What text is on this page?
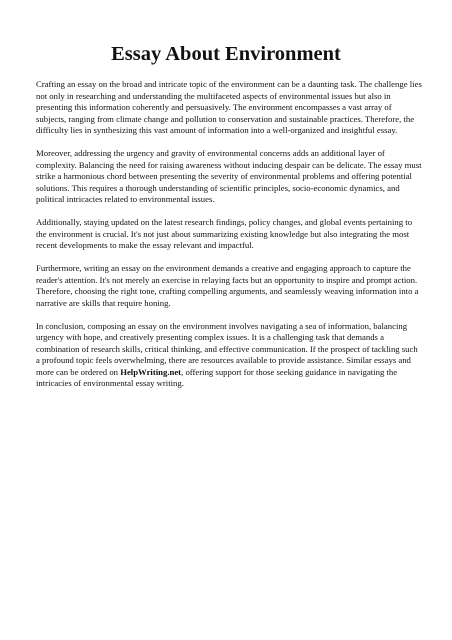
Essay About Environment

Crafting an essay on the broad and intricate topic of the environment can be a daunting task. The challenge lies not only in researching and understanding the multifaceted aspects of environmental issues but also in presenting this information coherently and persuasively. The environment encompasses a vast array of subjects, ranging from climate change and pollution to conservation and sustainable practices. Therefore, the difficulty lies in synthesizing this vast amount of information into a well-organized and insightful essay.

Moreover, addressing the urgency and gravity of environmental concerns adds an additional layer of complexity. Balancing the need for raising awareness without inducing despair can be delicate. The essay must strike a harmonious chord between presenting the severity of environmental problems and offering potential solutions. This requires a thorough understanding of scientific principles, socio-economic dynamics, and political intricacies related to environmental issues.

Additionally, staying updated on the latest research findings, policy changes, and global events pertaining to the environment is crucial. It's not just about summarizing existing knowledge but also integrating the most recent developments to make the essay relevant and impactful.

Furthermore, writing an essay on the environment demands a creative and engaging approach to capture the reader's attention. It's not merely an exercise in relaying facts but an opportunity to inspire and prompt action. Therefore, choosing the right tone, crafting compelling arguments, and seamlessly weaving information into a narrative are skills that require honing.

In conclusion, composing an essay on the environment involves navigating a sea of information, balancing urgency with hope, and creatively presenting complex issues. It is a challenging task that demands a combination of research skills, critical thinking, and effective communication. If the prospect of tackling such a profound topic feels overwhelming, there are resources available to provide assistance. Similar essays and more can be ordered on HelpWriting.net, offering support for those seeking guidance in navigating the intricacies of environmental essay writing.
